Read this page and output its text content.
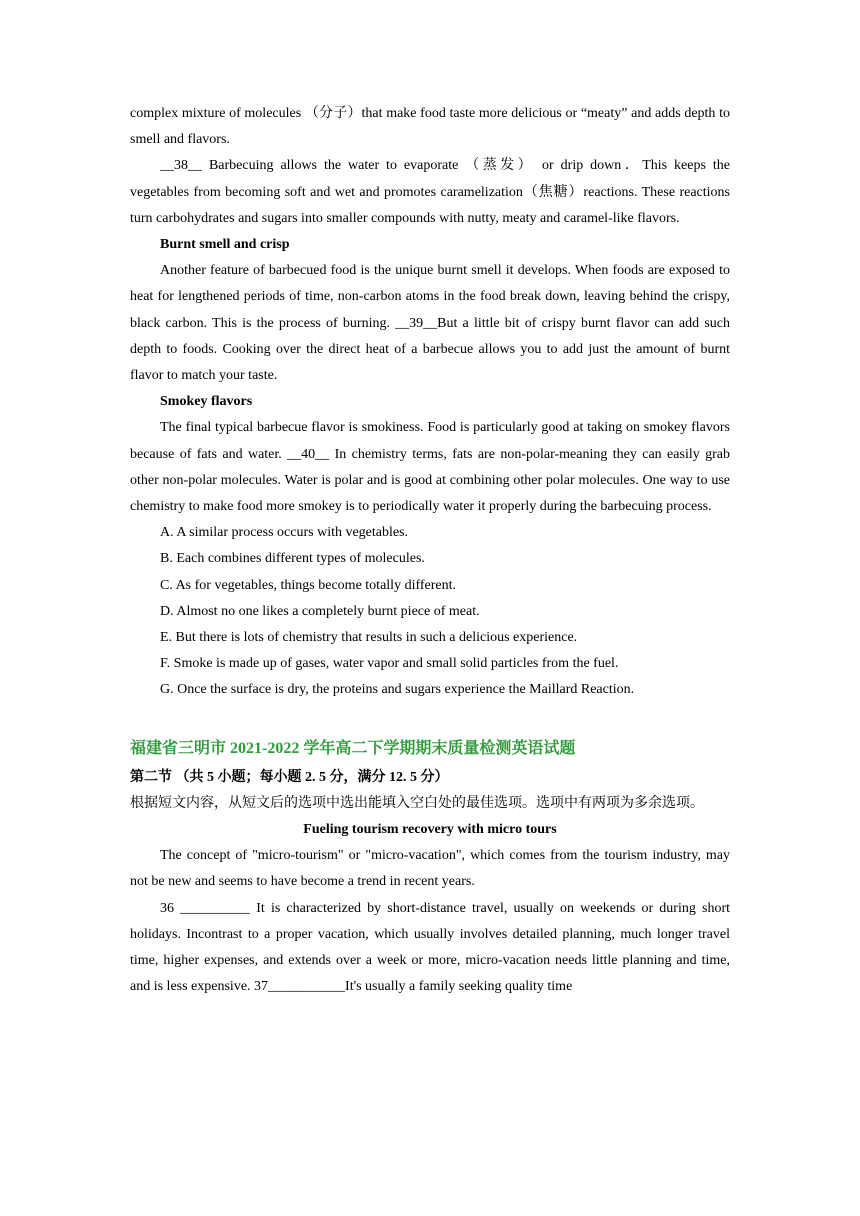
complex mixture of molecules （分子）that make food taste more delicious or “meaty” and adds depth to smell and flavors.

__38__ Barbecuing allows the water to evaporate （蒸发） or drip down．This keeps the vegetables from becoming soft and wet and promotes caramelization（焦糖）reactions. These reactions turn carbohydrates and sugars into smaller compounds with nutty, meaty and caramel-like flavors.

Burnt smell and crisp

Another feature of barbecued food is the unique burnt smell it develops. When foods are exposed to heat for lengthened periods of time, non-carbon atoms in the food break down, leaving behind the crispy, black carbon. This is the process of burning. __39__But a little bit of crispy burnt flavor can add such depth to foods. Cooking over the direct heat of a barbecue allows you to add just the amount of burnt flavor to match your taste.

Smokey flavors

The final typical barbecue flavor is smokiness. Food is particularly good at taking on smokey flavors because of fats and water. __40__ In chemistry terms, fats are non-polar-meaning they can easily grab other non-polar molecules. Water is polar and is good at combining other polar molecules. One way to use chemistry to make food more smokey is to periodically water it properly during the barbecuing process.

A. A similar process occurs with vegetables.

B. Each combines different types of molecules.

C. As for vegetables, things become totally different.

D. Almost no one likes a completely burnt piece of meat.

E. But there is lots of chemistry that results in such a delicious experience.

F. Smoke is made up of gases, water vapor and small solid particles from the fuel.

G. Once the surface is dry, the proteins and sugars experience the Maillard Reaction.

福建省三明市 2021-2022 学年高二下学期期末质量检测英语试题

第二节 （共 5 小题；每小题 2. 5 分，满分 12. 5 分）

根据短文内容，从短文后的选项中选出能填入空白处的最佳选项。选项中有两项为多余选项。

Fueling tourism recovery with micro tours

The concept of "micro-tourism" or "micro-vacation", which comes from the tourism industry, may not be new and seems to have become a trend in recent years.

36 __________ It is characterized by short-distance travel, usually on weekends or during short holidays. Incontrast to a proper vacation, which usually involves detailed planning, much longer travel time, higher expenses, and extends over a week or more, micro-vacation needs little planning and time, and is less expensive. 37___________It's usually a family seeking quality time
